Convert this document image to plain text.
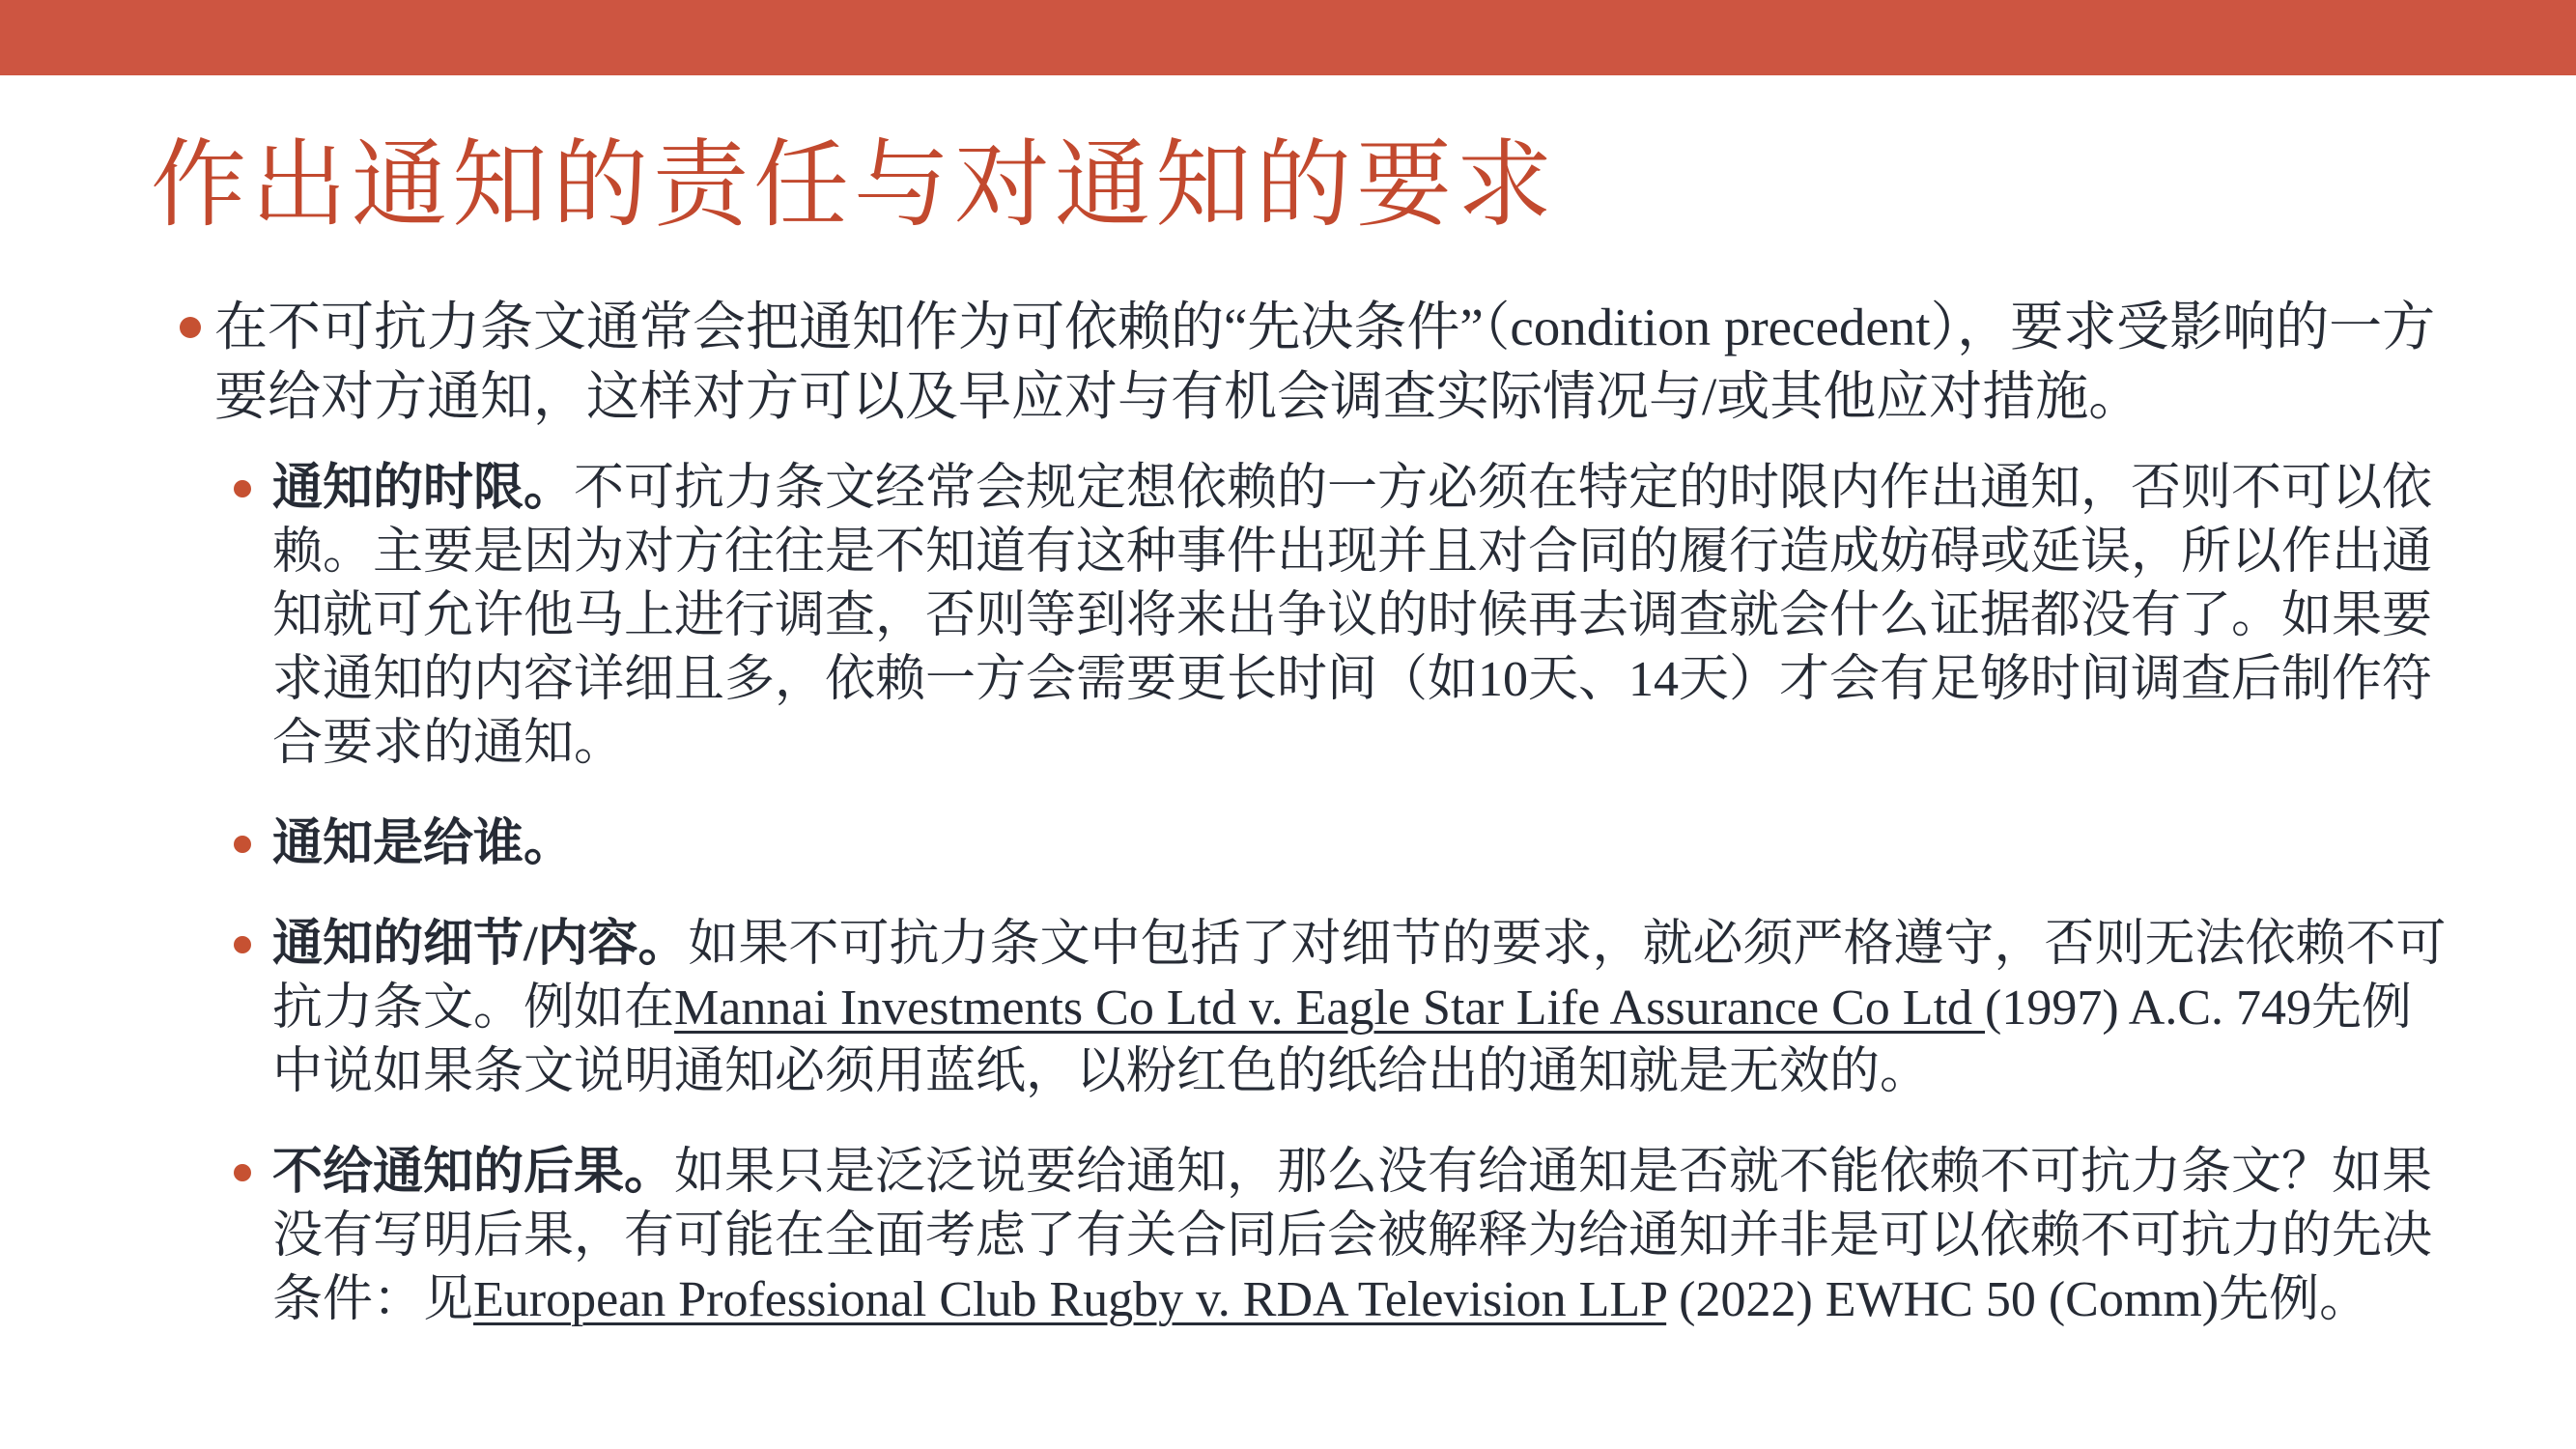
作出通知的责任与对通知的要求

在不可抗力条文通常会把通知作为可依赖的“先决条件”（condition precedent），要求受影响的一方要给对方通知，这样对方可以及早应对与有机会调查实际情况与/或其他应对措施。

通知的时限。不可抗力条文经常会规定想依赖的一方必须在特定的时限内作出通知，否则不可以依赖。主要是因为对方往往是不知道有这种事件出现并且对合同的履行造成妨碍或延误，所以作出通知就可允许他马上进行调查，否则等到将来出争议的时候再去调查就会什么证据都没有了。如果要求通知的内容详细且多，依赖一方会需要更长时间（如10天、14天）才会有足够时间调查后制作符合要求的通知。

通知是给谁。

通知的细节/内容。如果不可抗力条文中包括了对细节的要求，就必须严格遵守，否则无法依赖不可抗力条文。例如在Mannai Investments Co Ltd v. Eagle Star Life Assurance Co Ltd (1997) A.C. 749先例中说如果条文说明通知必须用蓝纸，以粉红色的纸给出的通知就是无效的。

不给通知的后果。如果只是泛泛说要给通知，那么没有给通知是否就不能依赖不可抗力条文？如果没有写明后果，有可能在全面考虑了有关合同后会被解释为给通知并非是可以依赖不可抗力的先决条件：见European Professional Club Rugby v. RDA Television LLP (2022) EWHC 50 (Comm)先例。
